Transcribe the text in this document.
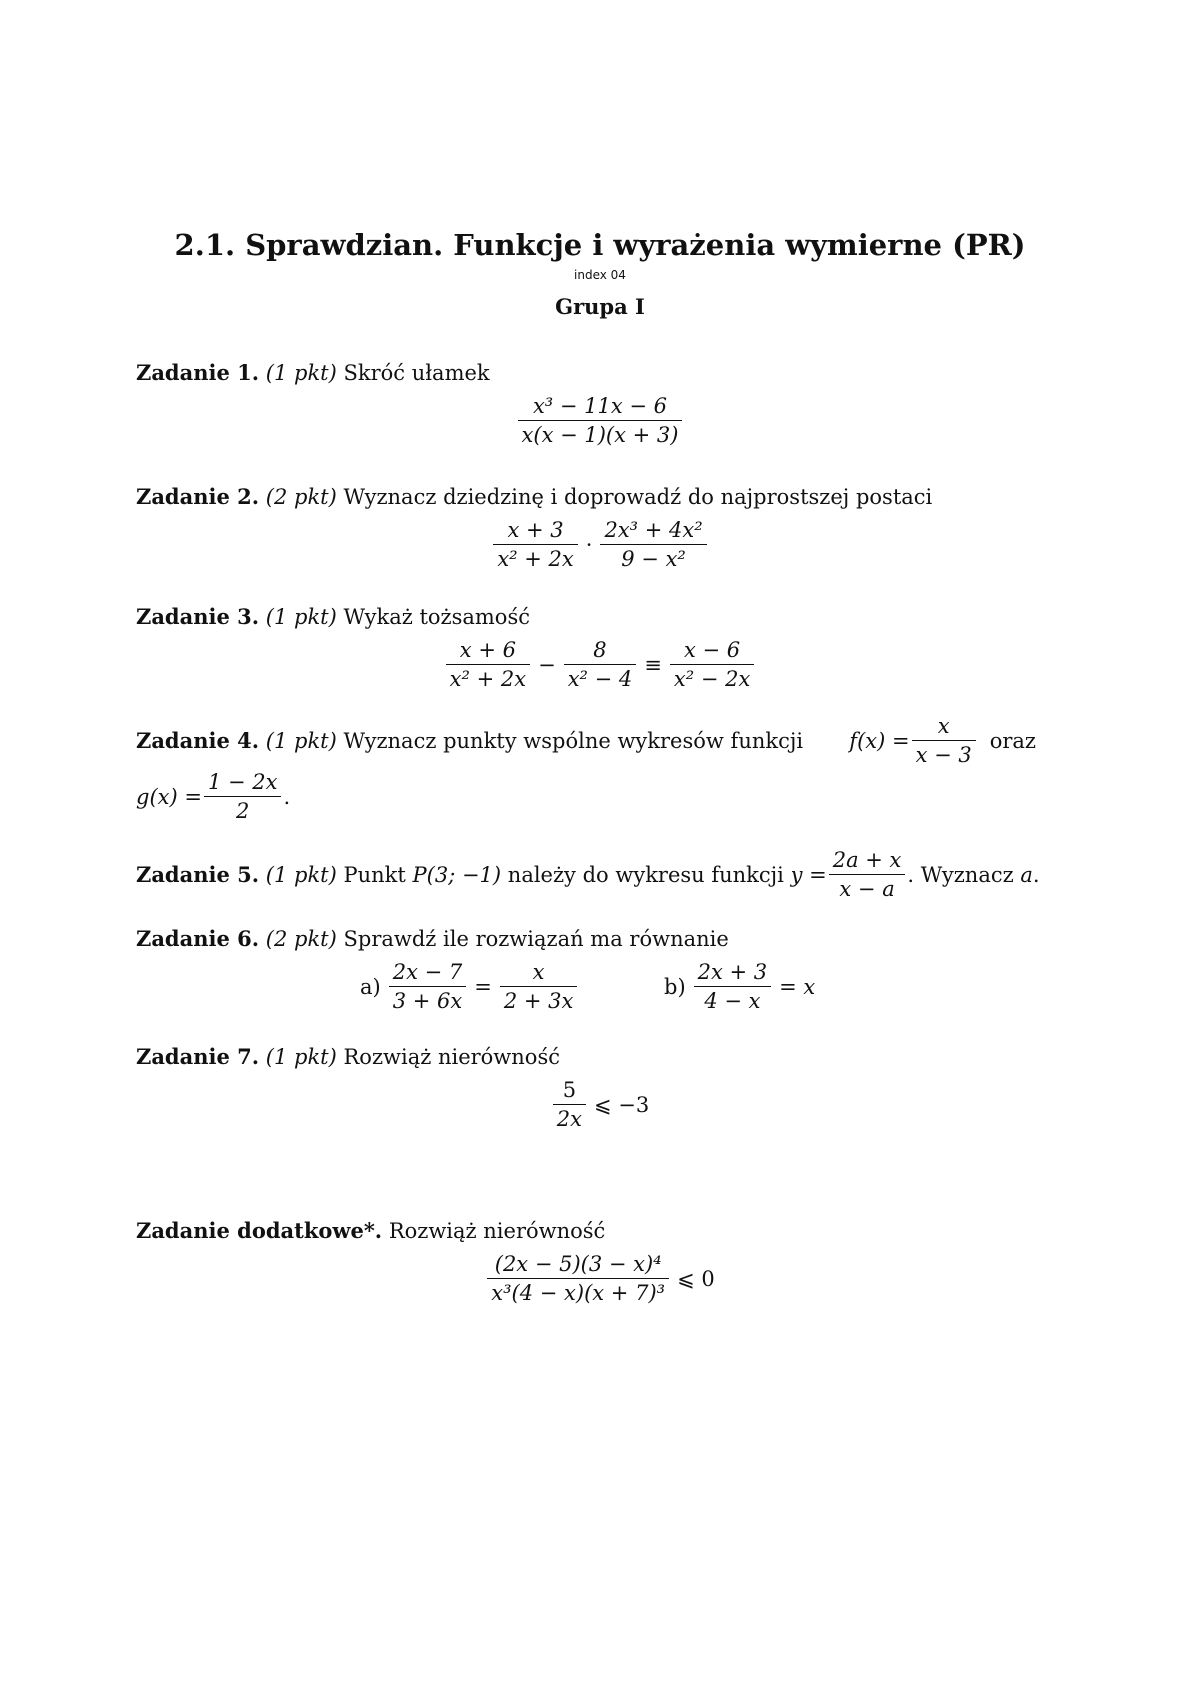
2.1. Sprawdzian. Funkcje i wyrażenia wymierne (PR)
index 04
Grupa I
Zadanie 1. (1 pkt) Skróć ułamek
$\frac{\text{x³ − 11x − 6}}{x(x - 1)(x + 3)}$
Zadanie 2. (2 pkt) Wyznacz dziedzinę i doprowadź do najprostszej postaci
$\frac{x + 3}{\text{x² + 2x}} \cdot \frac{\text{2x³ + 4x²}}{\text{9 − x²}}$
Zadanie 3. (1 pkt) Wykaż tożsamość
$\frac{x + 6}{\text{x² + 2x}} - \frac{8}{\text{x² − 4}} \equiv \frac{x - 6}{\text{x² − 2x}}$
Zadanie 4. (1 pkt) Wyznacz punkty wspólne wykresów funkcji $f(x) = \frac{x}{x - 3}$ oraz
$g(x) = \frac{1 - 2x}{2}$ .
Zadanie 5.
(1 pkt)
Punkt
P(3; −1)
należy do wykresu funkcji
$y = \frac{2a + x}{x - a}$ . Wyznacz
a .
Zadanie 6. (2 pkt) Sprawdź ile rozwiązań ma równanie
$a) \frac{2x - 7}{3 + 6x} = \frac{x}{2 + 3x}$	$b) \frac{2x + 3}{4 - x} = x$
Zadanie 7. (1 pkt) Rozwiąż nierówność
$\frac{5}{2x}$ ⩽ −3
Zadanie dodatkowe*. Rozwiąż nierówność
$\frac{\text{(2x − 5)(3 − x)⁴}}{\text{x³(4 − x)(x + 7)³}}$ ⩽ 0
